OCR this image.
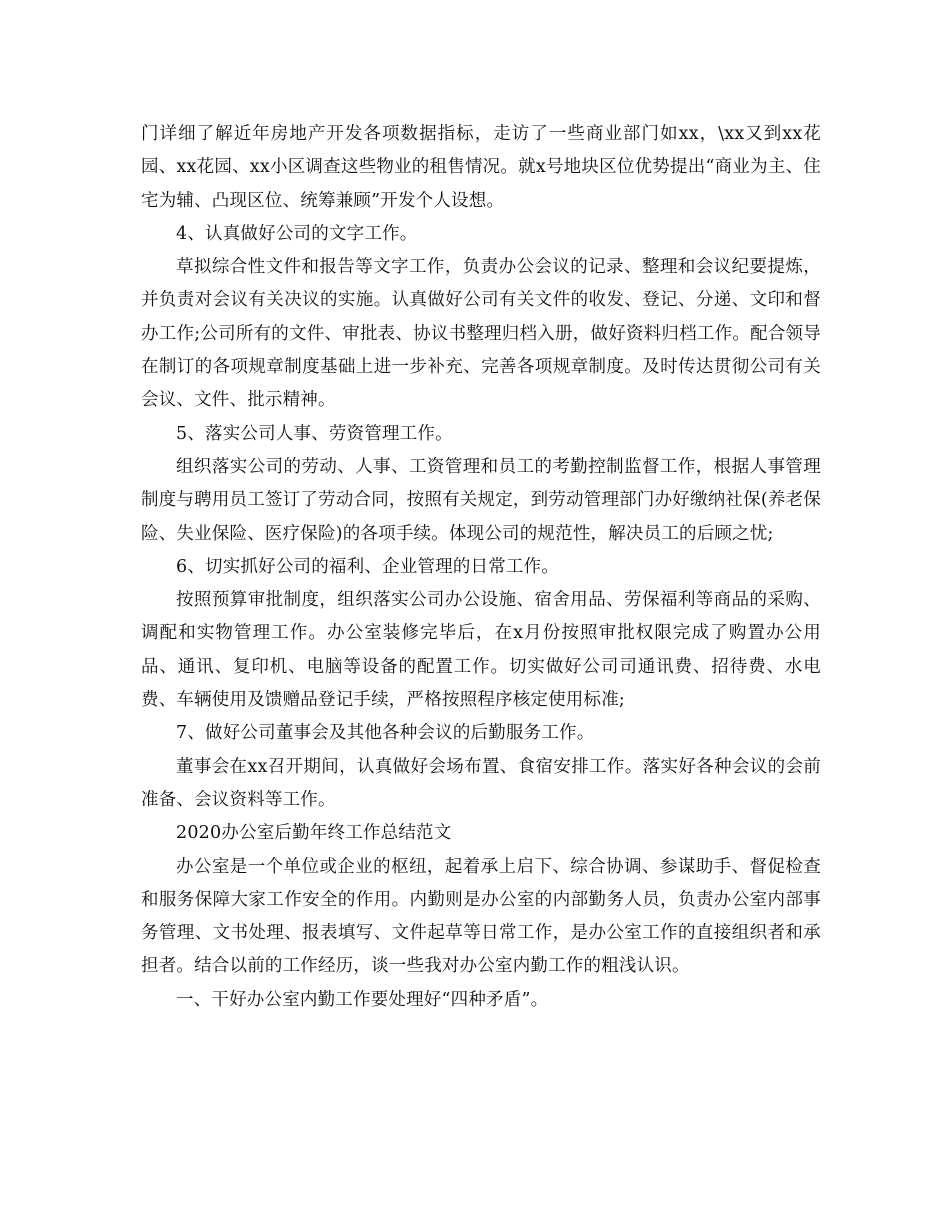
门详细了解近年房地产开发各项数据指标，走访了一些商业部门如xx，\xx又到xx花园、xx花园、xx小区调查这些物业的租售情况。就x号地块区位优势提出“商业为主、住宅为辅、凸现区位、统筹兼顾”开发个人设想。

4、认真做好公司的文字工作。

草拟综合性文件和报告等文字工作，负责办公会议的记录、整理和会议纪要提炼，并负责对会议有关决议的实施。认真做好公司有关文件的收发、登记、分递、文印和督办工作;公司所有的文件、审批表、协议书整理归档入册，做好资料归档工作。配合领导在制订的各项规章制度基础上进一步补充、完善各项规章制度。及时传达贯彻公司有关会议、文件、批示精神。

5、落实公司人事、劳资管理工作。

组织落实公司的劳动、人事、工资管理和员工的考勤控制监督工作，根据人事管理制度与聘用员工签订了劳动合同，按照有关规定，到劳动管理部门办好缴纳社保(养老保险、失业保险、医疗保险)的各项手续。体现公司的规范性，解决员工的后顾之忧;

6、切实抓好公司的福利、企业管理的日常工作。

按照预算审批制度，组织落实公司办公设施、宿舍用品、劳保福利等商品的采购、调配和实物管理工作。办公室装修完毕后，在x月份按照审批权限完成了购置办公用品、通讯、复印机、电脑等设备的配置工作。切实做好公司司通讯费、招待费、水电费、车辆使用及馈赠品登记手续，严格按照程序核定使用标准;

7、做好公司董事会及其他各种会议的后勤服务工作。

董事会在xx召开期间，认真做好会场布置、食宿安排工作。落实好各种会议的会前准备、会议资料等工作。

2020办公室后勤年终工作总结范文

办公室是一个单位或企业的枢纽，起着承上启下、综合协调、参谋助手、督促检查和服务保障大家工作安全的作用。内勤则是办公室的内部勤务人员，负责办公室内部事务管理、文书处理、报表填写、文件起草等日常工作，是办公室工作的直接组织者和承担者。结合以前的工作经历，谈一些我对办公室内勤工作的粗浅认识。

一、干好办公室内勤工作要处理好“四种矛盾”。
